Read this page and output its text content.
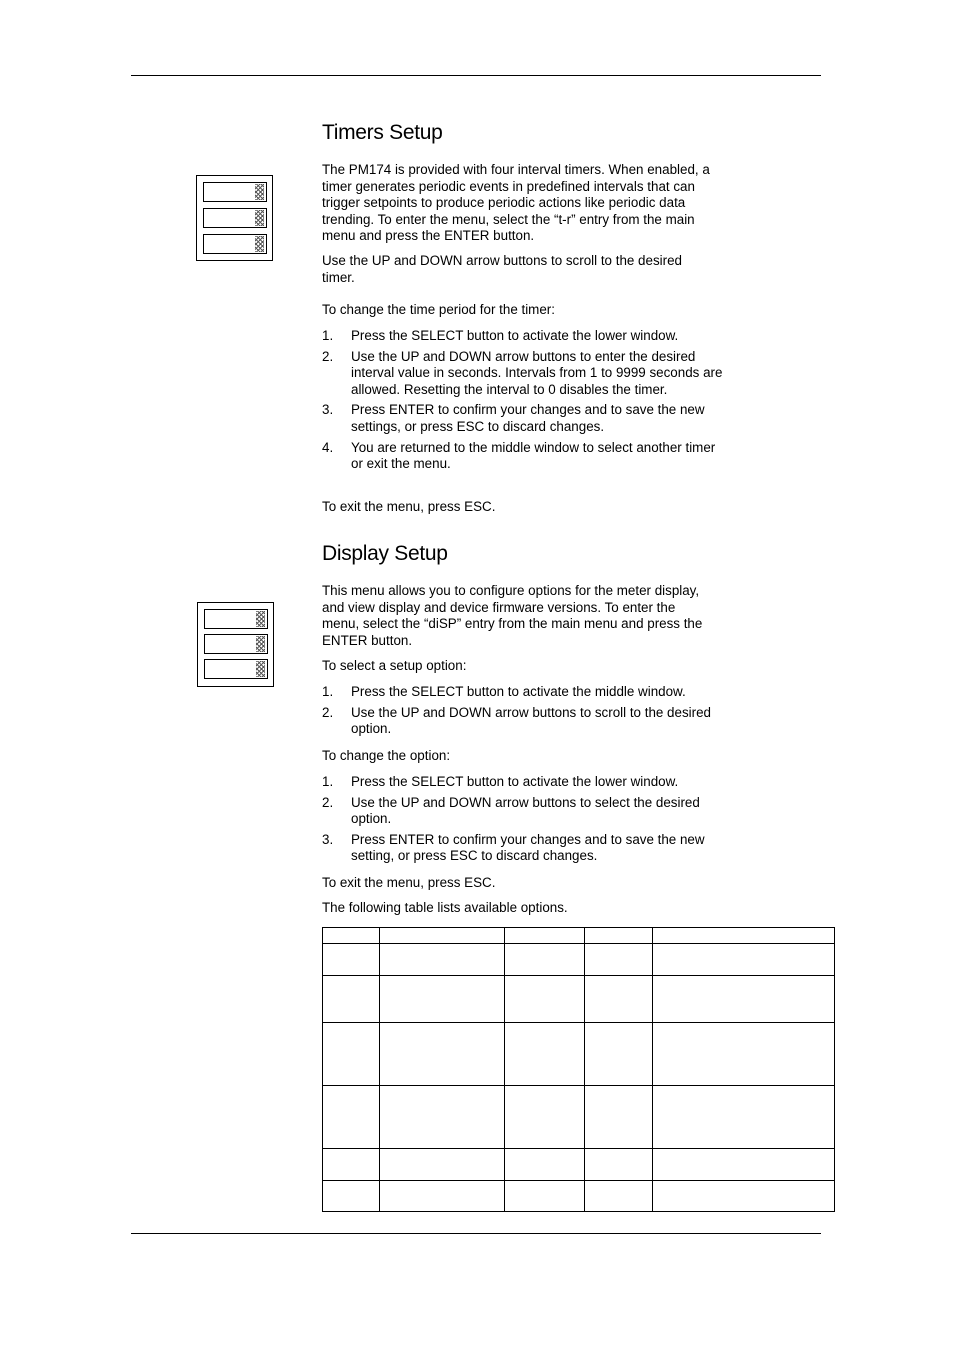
Timers Setup

The PM174 is provided with four interval timers. When enabled, a timer generates periodic events in predefined intervals that can trigger setpoints to produce periodic actions like periodic data trending. To enter the menu, select the “t-r” entry from the main menu and press the ENTER button.

Use the UP and DOWN arrow buttons to scroll to the desired timer.

To change the time period for the timer:

1. Press the SELECT button to activate the lower window.
2. Use the UP and DOWN arrow buttons to enter the desired interval value in seconds. Intervals from 1 to 9999 seconds are allowed. Resetting the interval to 0 disables the timer.
3. Press ENTER to confirm your changes and to save the new settings, or press ESC to discard changes.
4. You are returned to the middle window to select another timer or exit the menu.

To exit the menu, press ESC.

Display Setup

This menu allows you to configure options for the meter display, and view display and device firmware versions. To enter the menu, select the “diSP” entry from the main menu and press the ENTER button.

To select a setup option:

1. Press the SELECT button to activate the middle window.
2. Use the UP and DOWN arrow buttons to scroll to the desired option.

To change the option:

1. Press the SELECT button to activate the lower window.
2. Use the UP and DOWN arrow buttons to select the desired option.
3. Press ENTER to confirm your changes and to save the new setting, or press ESC to discard changes.

To exit the menu, press ESC.

The following table lists available options.
